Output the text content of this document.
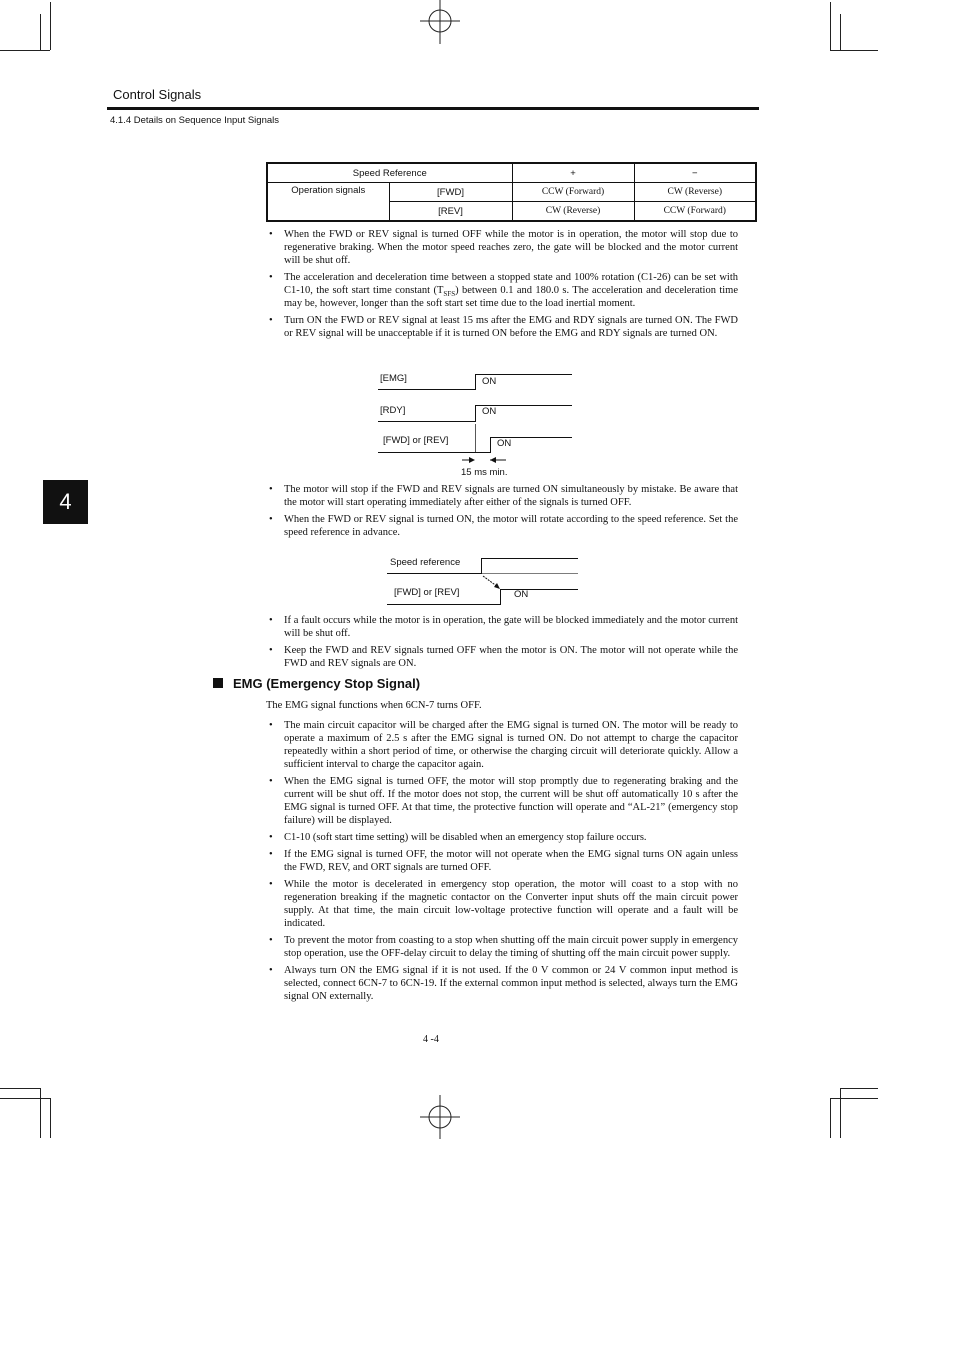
Control Signals
4.1.4 Details on Sequence Input Signals
4
Speed Reference		+	−
Operation signals	[FWD]	CCW (Forward)	CW (Reverse)
	[REV]	CW (Reverse)	CCW (Forward)
• When the FWD or REV signal is turned OFF while the motor is in operation, the motor will stop due to regenerative braking. When the motor speed reaches zero, the gate will be blocked and the motor current will be shut off.
• The acceleration and deceleration time between a stopped state and 100% rotation (C1-26) can be set with C1-10, the soft start time constant $(T_{SFS})$ between 0.1 and 180.0 s. The acceleration and deceleration time may be, however, longer than the soft start set time due to the load inertial moment.
• Turn ON the FWD or REV signal at least 15 ms after the EMG and RDY signals are turned ON. The FWD or REV signal will be unacceptable if it is turned ON before the EMG and RDY signals are turned ON.
[EMG]	ON
[RDY]	ON
[FWD] or [REV]	ON
15 ms min.
• The motor will stop if the FWD and REV signals are turned ON simultaneously by mistake. Be aware that the motor will start operating immediately after either of the signals is turned OFF.
• When the FWD or REV signal is turned ON, the motor will rotate according to the speed reference. Set the speed reference in advance.
Speed reference
[FWD] or [REV]	ON
• If a fault occurs while the motor is in operation, the gate will be blocked immediately and the motor current will be shut off.
• Keep the FWD and REV signals turned OFF when the motor is ON. The motor will not operate while the FWD and REV signals are ON.
EMG (Emergency Stop Signal)
The EMG signal functions when 6CN-7 turns OFF.
• The main circuit capacitor will be charged after the EMG signal is turned ON. The motor will be ready to operate a maximum of 2.5 s after the EMG signal is turned ON. Do not attempt to charge the capacitor repeatedly within a short period of time, or otherwise the charging circuit will deteriorate quickly. Allow a sufficient interval to charge the capacitor again.
• When the EMG signal is turned OFF, the motor will stop promptly due to regenerating braking and the current will be shut off. If the motor does not stop, the current will be shut off automatically 10 s after the EMG signal is turned OFF. At that time, the protective function will operate and “AL-21” (emergency stop failure) will be displayed.
• C1-10 (soft start time setting) will be disabled when an emergency stop failure occurs.
• If the EMG signal is turned OFF, the motor will not operate when the EMG signal turns ON again unless the FWD, REV, and ORT signals are turned OFF.
• While the motor is decelerated in emergency stop operation, the motor will coast to a stop with no regeneration breaking if the magnetic contactor on the Converter input shuts off the main circuit power supply. At that time, the main circuit low-voltage protective function will operate and a fault will be indicated.
• To prevent the motor from coasting to a stop when shutting off the main circuit power supply in emergency stop operation, use the OFF-delay circuit to delay the timing of shutting off the main circuit power supply.
• Always turn ON the EMG signal if it is not used. If the 0 V common or 24 V common input method is selected, connect 6CN-7 to 6CN-19. If the external common input method is selected, always turn the EMG signal ON externally.
4 -4
